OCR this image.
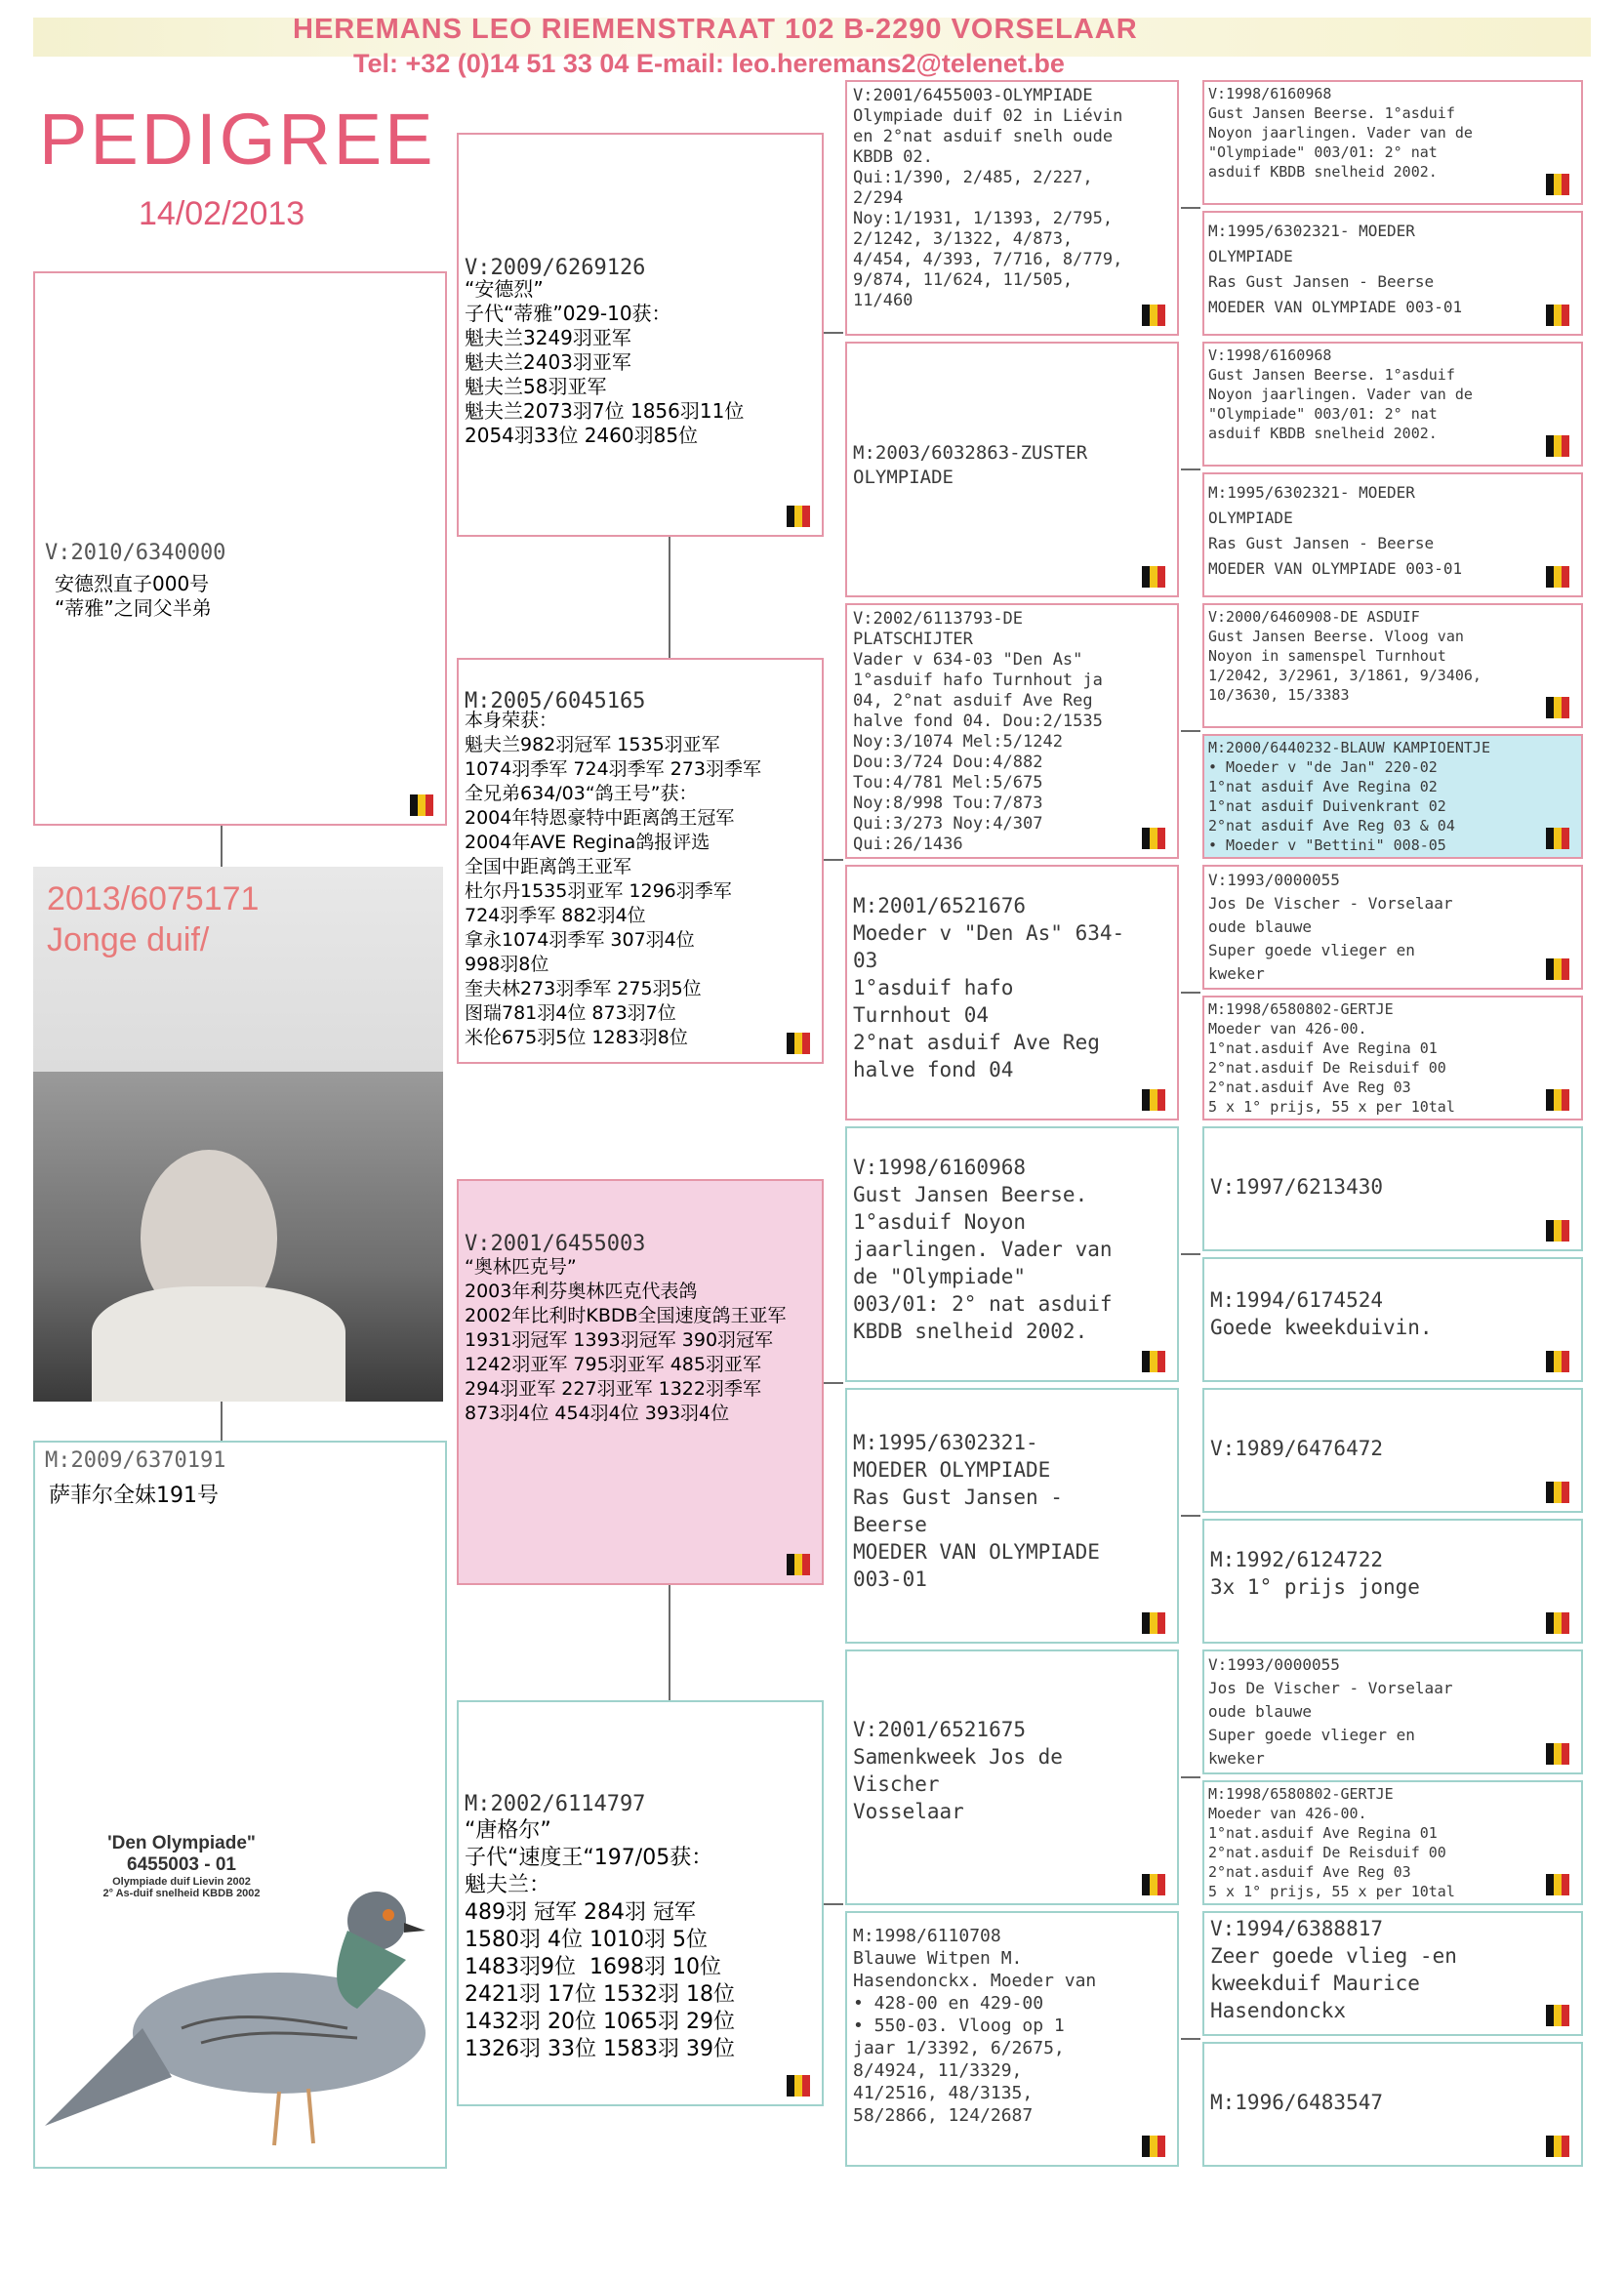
HEREMANS LEO RIEMENSTRAAT 102 B-2290 VORSELAAR
Tel: +32 (0)14 51 33 04 E-mail: leo.heremans2@telenet.be
PEDIGREE
14/02/2013
V:2010/6340000
安德烈直子000号
“蒂雅”之同父半弟
2013/6075171
Jonge duif/
M:2009/6370191
萨菲尔全妹191号
'Den Olympiade"
6455003 - 01
Olympiade duif Lievin 2002
2° As-duif snelheid KBDB 2002
V:2009/6269126
“安德烈”
子代“蒂雅”029-10获：
魁夫兰3249羽亚军
魁夫兰2403羽亚军
魁夫兰58羽亚军
魁夫兰2073羽7位 1856羽11位
2054羽33位 2460羽85位
M:2005/6045165
本身荣获：
魁夫兰982羽冠军 1535羽亚军
1074羽季军 724羽季军 273羽季军
全兄弟634/03“鸽王号”获：
2004年特恩豪特中距离鸽王冠军
2004年AVE Regina鸽报评选
全国中距离鸽王亚军
杜尔丹1535羽亚军 1296羽季军
724羽季军 882羽4位
拿永1074羽季军 307羽4位
998羽8位
奎夫林273羽季军 275羽5位
图瑞781羽4位 873羽7位
米伦675羽5位 1283羽8位
V:2001/6455003
“奥林匹克号”
2003年利芬奥林匹克代表鸽
2002年比利时KBDB全国速度鸽王亚军
1931羽冠军 1393羽冠军 390羽冠军
1242羽亚军 795羽亚军 485羽亚军
294羽亚军 227羽亚军 1322羽季军
873羽4位 454羽4位 393羽4位
M:2002/6114797
“唐格尔”
子代“速度王“197/05获：
魁夫兰：
489羽 冠军 284羽 冠军
1580羽 4位 1010羽 5位
1483羽9位  1698羽 10位
2421羽 17位 1532羽 18位
1432羽 20位 1065羽 29位
1326羽 33位 1583羽 39位
V:2001/6455003-OLYMPIADE
Olympiade duif 02 in Liévin
en 2°nat asduif snelh oude
KBDB 02.
Qui:1/390, 2/485, 2/227,
2/294
Noy:1/1931, 1/1393, 2/795,
2/1242, 3/1322, 4/873,
4/454, 4/393, 7/716, 8/779,
9/874, 11/624, 11/505,
11/460
M:2003/6032863-ZUSTER
OLYMPIADE
V:2002/6113793-DE
PLATSCHIJTER
Vader v 634-03 "Den As"
1°asduif hafo Turnhout ja
04, 2°nat asduif Ave Reg
halve fond 04. Dou:2/1535
Noy:3/1074 Mel:5/1242
Dou:3/724 Dou:4/882
Tou:4/781 Mel:5/675
Noy:8/998 Tou:7/873
Qui:3/273 Noy:4/307
Qui:26/1436
M:2001/6521676
Moeder v "Den As" 634-
03
1°asduif hafo
Turnhout 04
2°nat asduif Ave Reg
halve fond 04
V:1998/6160968
Gust Jansen Beerse.
1°asduif Noyon
jaarlingen. Vader van
de "Olympiade"
003/01: 2° nat asduif
KBDB snelheid 2002.
M:1995/6302321-
MOEDER OLYMPIADE
Ras Gust Jansen -
Beerse
MOEDER VAN OLYMPIADE
003-01
V:2001/6521675
Samenkweek Jos de
Vischer
Vosselaar
M:1998/6110708
Blauwe Witpen M.
Hasendonckx. Moeder van
• 428-00 en 429-00
• 550-03. Vloog op 1
jaar 1/3392, 6/2675,
8/4924, 11/3329,
41/2516, 48/3135,
58/2866, 124/2687
V:1998/6160968
Gust Jansen Beerse. 1°asduif
Noyon jaarlingen. Vader van de
"Olympiade" 003/01: 2° nat
asduif KBDB snelheid 2002.
M:1995/6302321- MOEDER
OLYMPIADE
Ras Gust Jansen - Beerse
MOEDER VAN OLYMPIADE 003-01
V:1998/6160968
Gust Jansen Beerse. 1°asduif
Noyon jaarlingen. Vader van de
"Olympiade" 003/01: 2° nat
asduif KBDB snelheid 2002.
M:1995/6302321- MOEDER
OLYMPIADE
Ras Gust Jansen - Beerse
MOEDER VAN OLYMPIADE 003-01
V:2000/6460908-DE ASDUIF
Gust Jansen Beerse. Vloog van
Noyon in samenspel Turnhout
1/2042, 3/2961, 3/1861, 9/3406,
10/3630, 15/3383
M:2000/6440232-BLAUW KAMPIOENTJE
• Moeder v "de Jan" 220-02
1°nat asduif Ave Regina 02
1°nat asduif Duivenkrant 02
2°nat asduif Ave Reg 03 & 04
• Moeder v "Bettini" 008-05
V:1993/0000055
Jos De Vischer - Vorselaar
oude blauwe
Super goede vlieger en
kweker
M:1998/6580802-GERTJE
Moeder van 426-00.
1°nat.asduif Ave Regina 01
2°nat.asduif De Reisduif 00
2°nat.asduif Ave Reg 03
5 x 1° prijs, 55 x per 10tal
V:1997/6213430
M:1994/6174524
Goede kweekduivin.
V:1989/6476472
M:1992/6124722
3x 1° prijs jonge
V:1993/0000055
Jos De Vischer - Vorselaar
oude blauwe
Super goede vlieger en
kweker
M:1998/6580802-GERTJE
Moeder van 426-00.
1°nat.asduif Ave Regina 01
2°nat.asduif De Reisduif 00
2°nat.asduif Ave Reg 03
5 x 1° prijs, 55 x per 10tal
V:1994/6388817
Zeer goede vlieg -en
kweekduif Maurice
Hasendonckx
M:1996/6483547
